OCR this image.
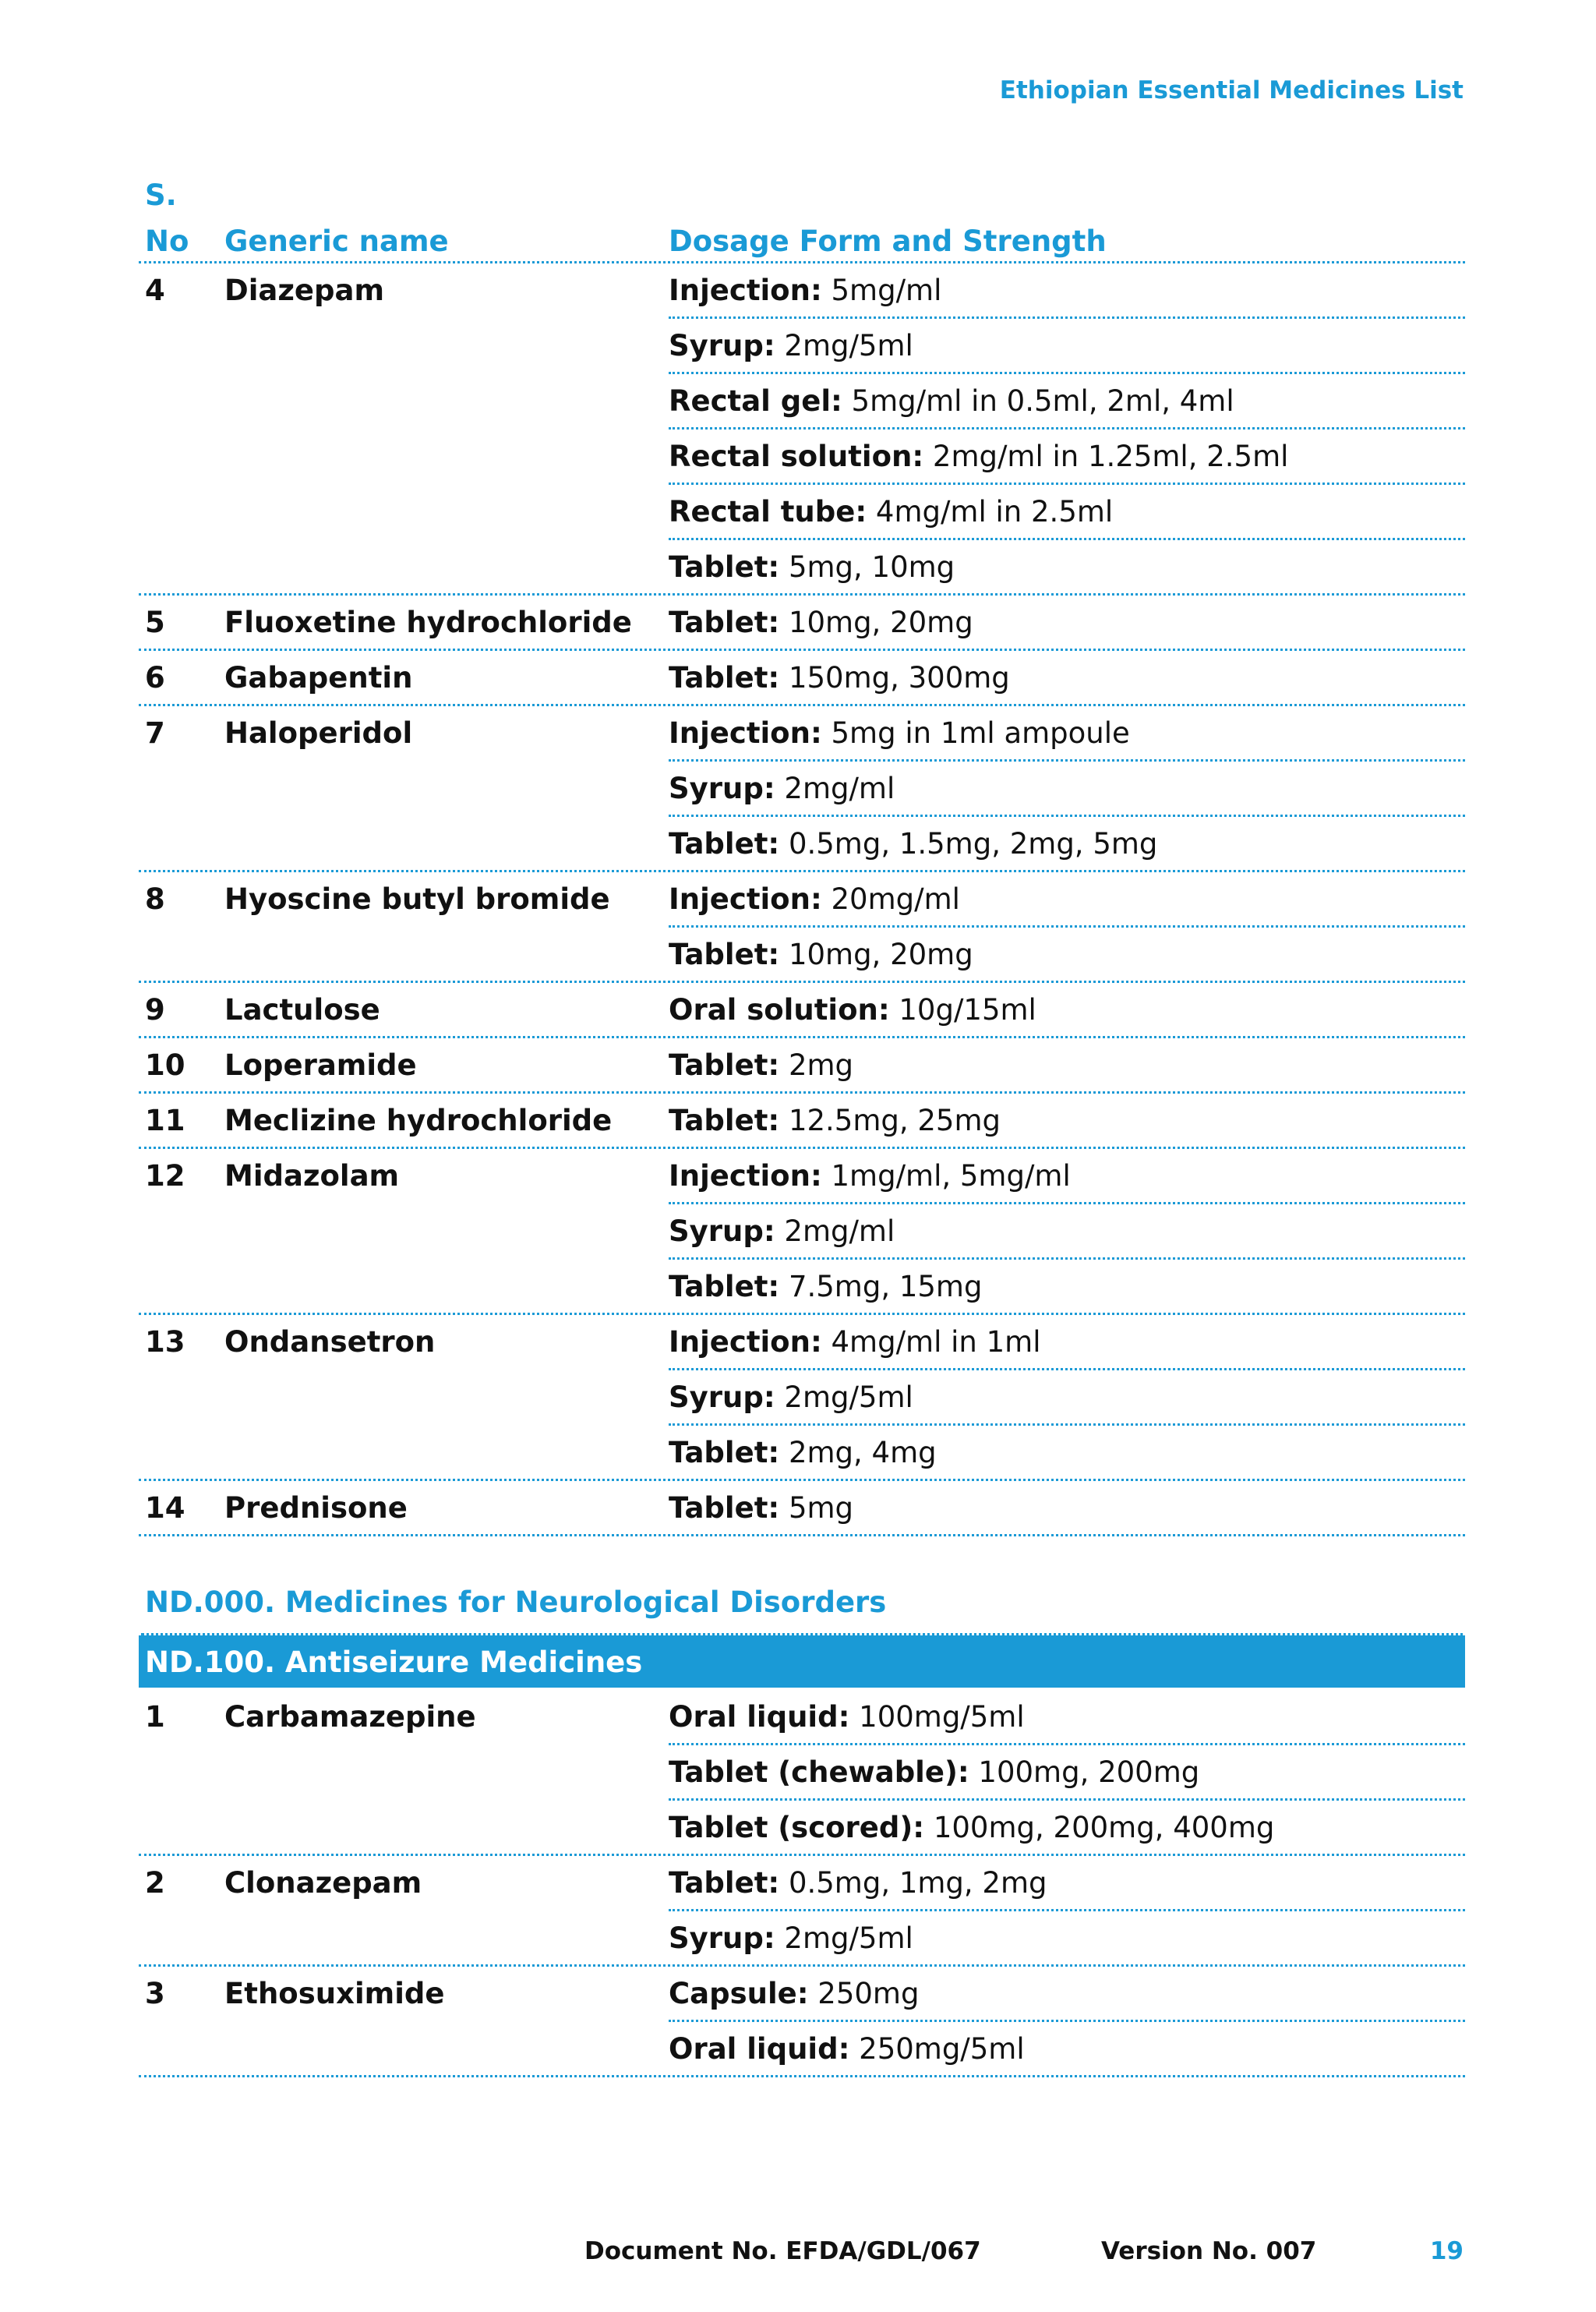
Ethiopian Essential Medicines List
S.
No Generic name	Dosage Form and Strength
4	Diazepam	Injection: 5mg/ml
Syrup: 2mg/5ml
Rectal gel: 5mg/ml in 0.5ml, 2ml, 4ml
Rectal solution: 2mg/ml in 1.25ml, 2.5ml
Rectal tube: 4mg/ml in 2.5ml
Tablet: 5mg, 10mg
5	Fluoxetine hydrochloride	Tablet: 10mg, 20mg
6	Gabapentin	Tablet: 150mg, 300mg
7	Haloperidol	Injection: 5mg in 1ml ampoule
Syrup: 2mg/ml
Tablet: 0.5mg, 1.5mg, 2mg, 5mg
8	Hyoscine butyl bromide	Injection: 20mg/ml
Tablet: 10mg, 20mg
9	Lactulose	Oral solution: 10g/15ml
10	Loperamide	Tablet: 2mg
11	Meclizine hydrochloride	Tablet: 12.5mg, 25mg
12	Midazolam	Injection: 1mg/ml, 5mg/ml
Syrup: 2mg/ml
Tablet: 7.5mg, 15mg
13	Ondansetron	Injection: 4mg/ml in 1ml
Syrup: 2mg/5ml
Tablet: 2mg, 4mg
14	Prednisone	Tablet: 5mg
ND.000. Medicines for Neurological Disorders
ND.100. Antiseizure Medicines
1	Carbamazepine	Oral liquid: 100mg/5ml
Tablet (chewable): 100mg, 200mg
Tablet (scored): 100mg, 200mg, 400mg
2	Clonazepam	Tablet: 0.5mg, 1mg, 2mg
Syrup: 2mg/5ml
3	Ethosuximide	Capsule: 250mg
Oral liquid: 250mg/5ml
Document No. EFDA/GDL/067	Version No. 007	19
